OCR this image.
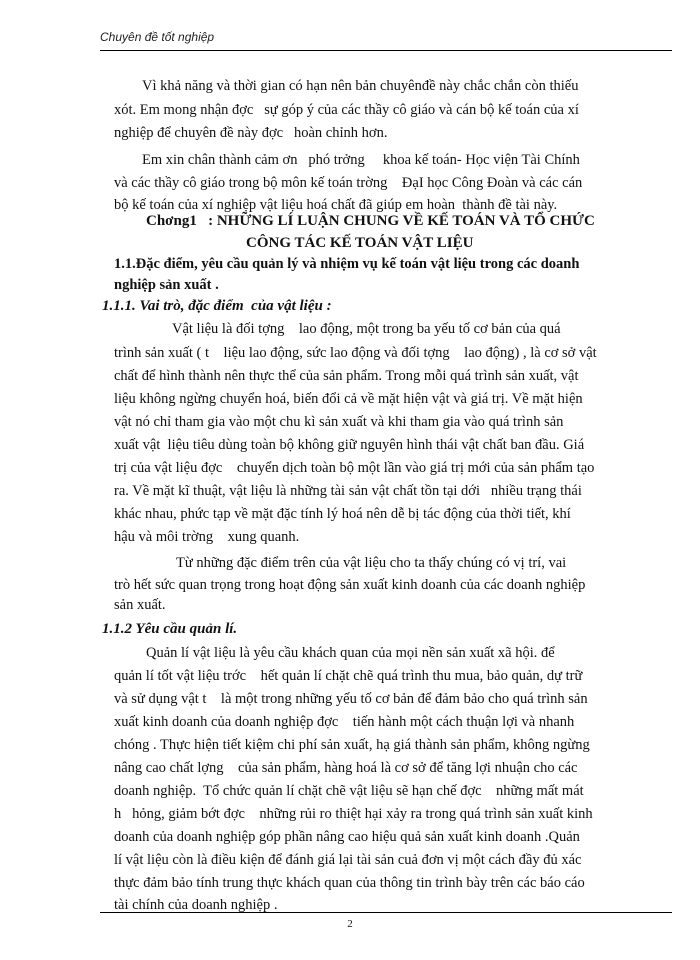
Chuyên đề tốt nghiệp
Vì khả năng và thời gian có hạn nên bản chuyênđề này chắc chắn còn thiếu
xót. Em mong nhận đợc   sự góp ý của các thầy cô giáo và cán bộ kế toán của xí
nghiệp để chuyên đề này đợc   hoàn chỉnh hơn.
Em xin chân thành cảm ơn   phó trởng     khoa kế toán- Học viện Tài Chính
và các thầy cô giáo trong bộ môn kế toán trờng    ĐạI học Công Đoàn và các cán
bộ kế toán của xí nghiệp vật liệu hoá chất đã giúp em hoàn  thành đề tài này.
Chơng1   : NHỮNG LÍ LUẬN CHUNG VỀ KẾ TOÁN VÀ TỔ CHỨC
CÔNG TÁC KẾ TOÁN VẬT LIỆU
1.1.Đặc điểm, yêu cầu quản lý và nhiệm vụ kế toán vật liệu trong các doanh
nghiệp sản xuất .
1.1.1. Vai trò, đặc điểm  của vật liệu :
Vật liệu là đối tợng    lao động, một trong ba yếu tố cơ bản của quá
trình sản xuất ( t    liệu lao động, sức lao động và đối tợng    lao động) , là cơ sở vật
chất để hình thành nên thực thể của sản phẩm. Trong mỗi quá trình sản xuất, vật
liệu không ngừng chuyển hoá, biến đổi cả về mặt hiện vật và giá trị. Về mặt hiện
vật nó chỉ tham gia vào một chu kì sản xuất và khi tham gia vào quá trình sản
xuất vật  liệu tiêu dùng toàn bộ không giữ nguyên hình thái vật chất ban đầu. Giá
trị của vật liệu đợc    chuyển dịch toàn bộ một lần vào giá trị mới của sản phẩm tạo
ra. Về mặt kĩ thuật, vật liệu là những tài sản vật chất tồn tại dới   nhiều trạng thái
khác nhau, phức tạp về mặt đặc tính lý hoá nên dễ bị tác động của thời tiết, khí
hậu và môi trờng    xung quanh.
Từ những đặc điểm trên của vật liệu cho ta thấy chúng có vị trí, vai
trò hết sức quan trọng trong hoạt động sản xuất kinh doanh của các doanh nghiệp
sản xuất.
1.1.2 Yêu cầu quản lí.
Quản lí vật liệu là yêu cầu khách quan của mọi nền sản xuất xã hội. để
quản lí tốt vật liệu trớc    hết quản lí chặt chẽ quá trình thu mua, bảo quản, dự trữ
và sử dụng vật t    là một trong những yếu tố cơ bản để đảm bảo cho quá trình sản
xuất kinh doanh của doanh nghiệp đợc    tiến hành một cách thuận lợi và nhanh
chóng . Thực hiện tiết kiệm chi phí sản xuất, hạ giá thành sản phẩm, không ngừng
nâng cao chất lợng    của sản phẩm, hàng hoá là cơ sở để tăng lợi nhuận cho các
doanh nghiệp.  Tổ chức quản lí chặt chẽ vật liệu sẽ hạn chế đợc    những mất mát
h   hỏng, giảm bớt đợc    những rủi ro thiệt hại xảy ra trong quá trình sản xuất kinh
doanh của doanh nghiệp góp phần nâng cao hiệu quả sản xuất kinh doanh .Quản
lí vật liệu còn là điều kiện để đánh giá lại tài sản cuả đơn vị một cách đầy đủ xác
thực đảm bảo tính trung thực khách quan của thông tin trình bày trên các báo cáo
tài chính của doanh nghiệp .
2
